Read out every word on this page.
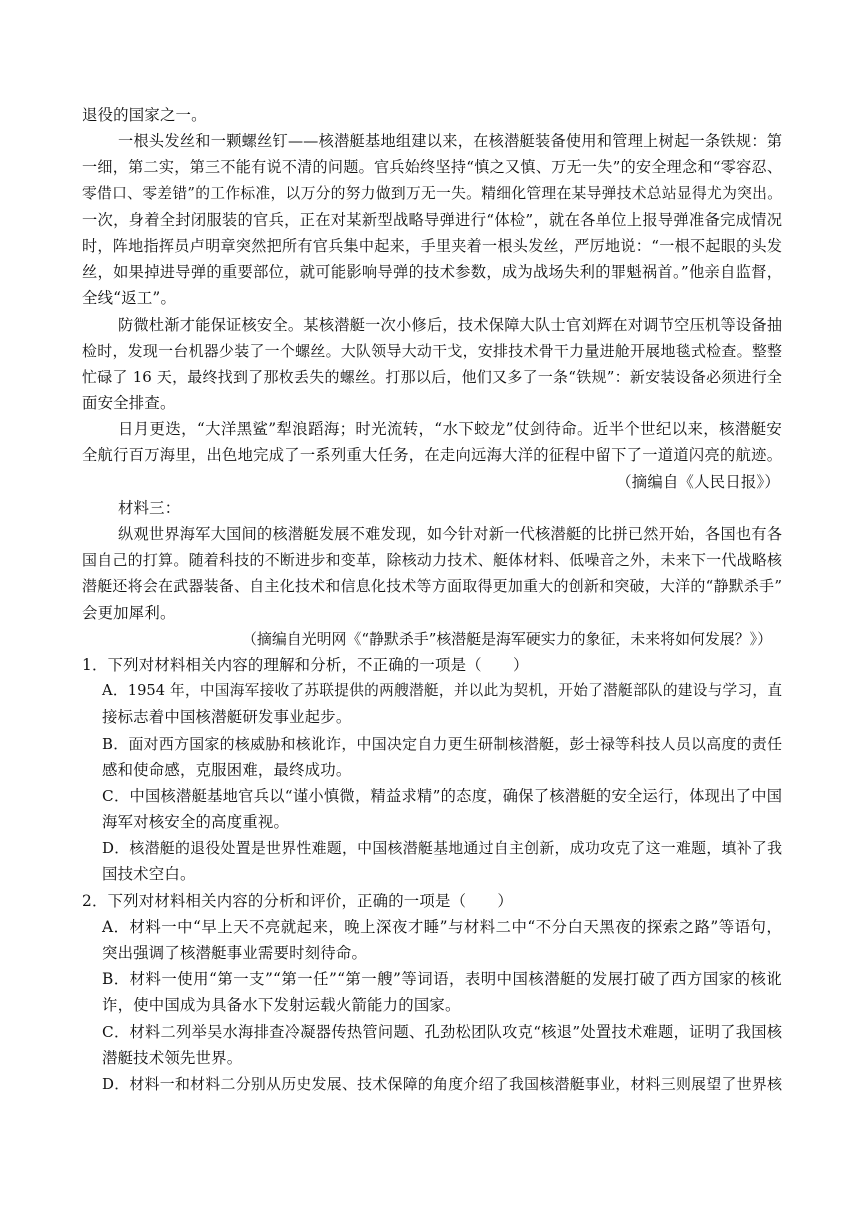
退役的国家之一。
一根头发丝和一颗螺丝钉——核潜艇基地组建以来，在核潜艇装备使用和管理上树起一条铁规：第
一细，第二实，第三不能有说不清的问题。官兵始终坚持“慎之又慎、万无一失”的安全理念和“零容忍、
零借口、零差错”的工作标准，以万分的努力做到万无一失。精细化管理在某导弹技术总站显得尤为突出。
一次，身着全封闭服装的官兵，正在对某新型战略导弹进行“体检”，就在各单位上报导弹准备完成情况
时，阵地指挥员卢明章突然把所有官兵集中起来，手里夹着一根头发丝，严厉地说：“一根不起眼的头发
丝，如果掉进导弹的重要部位，就可能影响导弹的技术参数，成为战场失利的罪魁祸首。”他亲自监督，
全线“返工”。
防微杜渐才能保证核安全。某核潜艇一次小修后，技术保障大队士官刘辉在对调节空压机等设备抽
检时，发现一台机器少装了一个螺丝。大队领导大动干戈，安排技术骨干力量进舱开展地毯式检查。整整
忙碌了 16 天，最终找到了那枚丢失的螺丝。打那以后，他们又多了一条“铁规”：新安装设备必须进行全
面安全排查。
日月更迭，“大洋黑鲨”犁浪蹈海；时光流转，“水下蛟龙”仗剑待命。近半个世纪以来，核潜艇安
全航行百万海里，出色地完成了一系列重大任务，在走向远海大洋的征程中留下了一道道闪亮的航迹。
（摘编自《人民日报》）
材料三：
纵观世界海军大国间的核潜艇发展不难发现，如今针对新一代核潜艇的比拼已然开始，各国也有各
国自己的打算。随着科技的不断进步和变革，除核动力技术、艇体材料、低噪音之外，未来下一代战略核
潜艇还将会在武器装备、自主化技术和信息化技术等方面取得更加重大的创新和突破，大洋的“静默杀手”
会更加犀利。
（摘编自光明网《“静默杀手”核潜艇是海军硬实力的象征，未来将如何发展？》）
1．下列对材料相关内容的理解和分析，不正确的一项是（　　）
A．1954 年，中国海军接收了苏联提供的两艘潜艇，并以此为契机，开始了潜艇部队的建设与学习，直
接标志着中国核潜艇研发事业起步。
B．面对西方国家的核威胁和核讹诈，中国决定自力更生研制核潜艇，彭士禄等科技人员以高度的责任
感和使命感，克服困难，最终成功。
C．中国核潜艇基地官兵以“谨小慎微，精益求精”的态度，确保了核潜艇的安全运行，体现出了中国
海军对核安全的高度重视。
D．核潜艇的退役处置是世界性难题，中国核潜艇基地通过自主创新，成功攻克了这一难题，填补了我
国技术空白。
2．下列对材料相关内容的分析和评价，正确的一项是（　　）
A．材料一中“早上天不亮就起来，晚上深夜才睡”与材料二中“不分白天黑夜的探索之路”等语句，
突出强调了核潜艇事业需要时刻待命。
B．材料一使用“第一支”“第一任”“第一艘”等词语，表明中国核潜艇的发展打破了西方国家的核讹
诈，使中国成为具备水下发射运载火箭能力的国家。
C．材料二列举吴水海排查冷凝器传热管问题、孔劲松团队攻克“核退”处置技术难题，证明了我国核
潜艇技术领先世界。
D．材料一和材料二分别从历史发展、技术保障的角度介绍了我国核潜艇事业，材料三则展望了世界核
